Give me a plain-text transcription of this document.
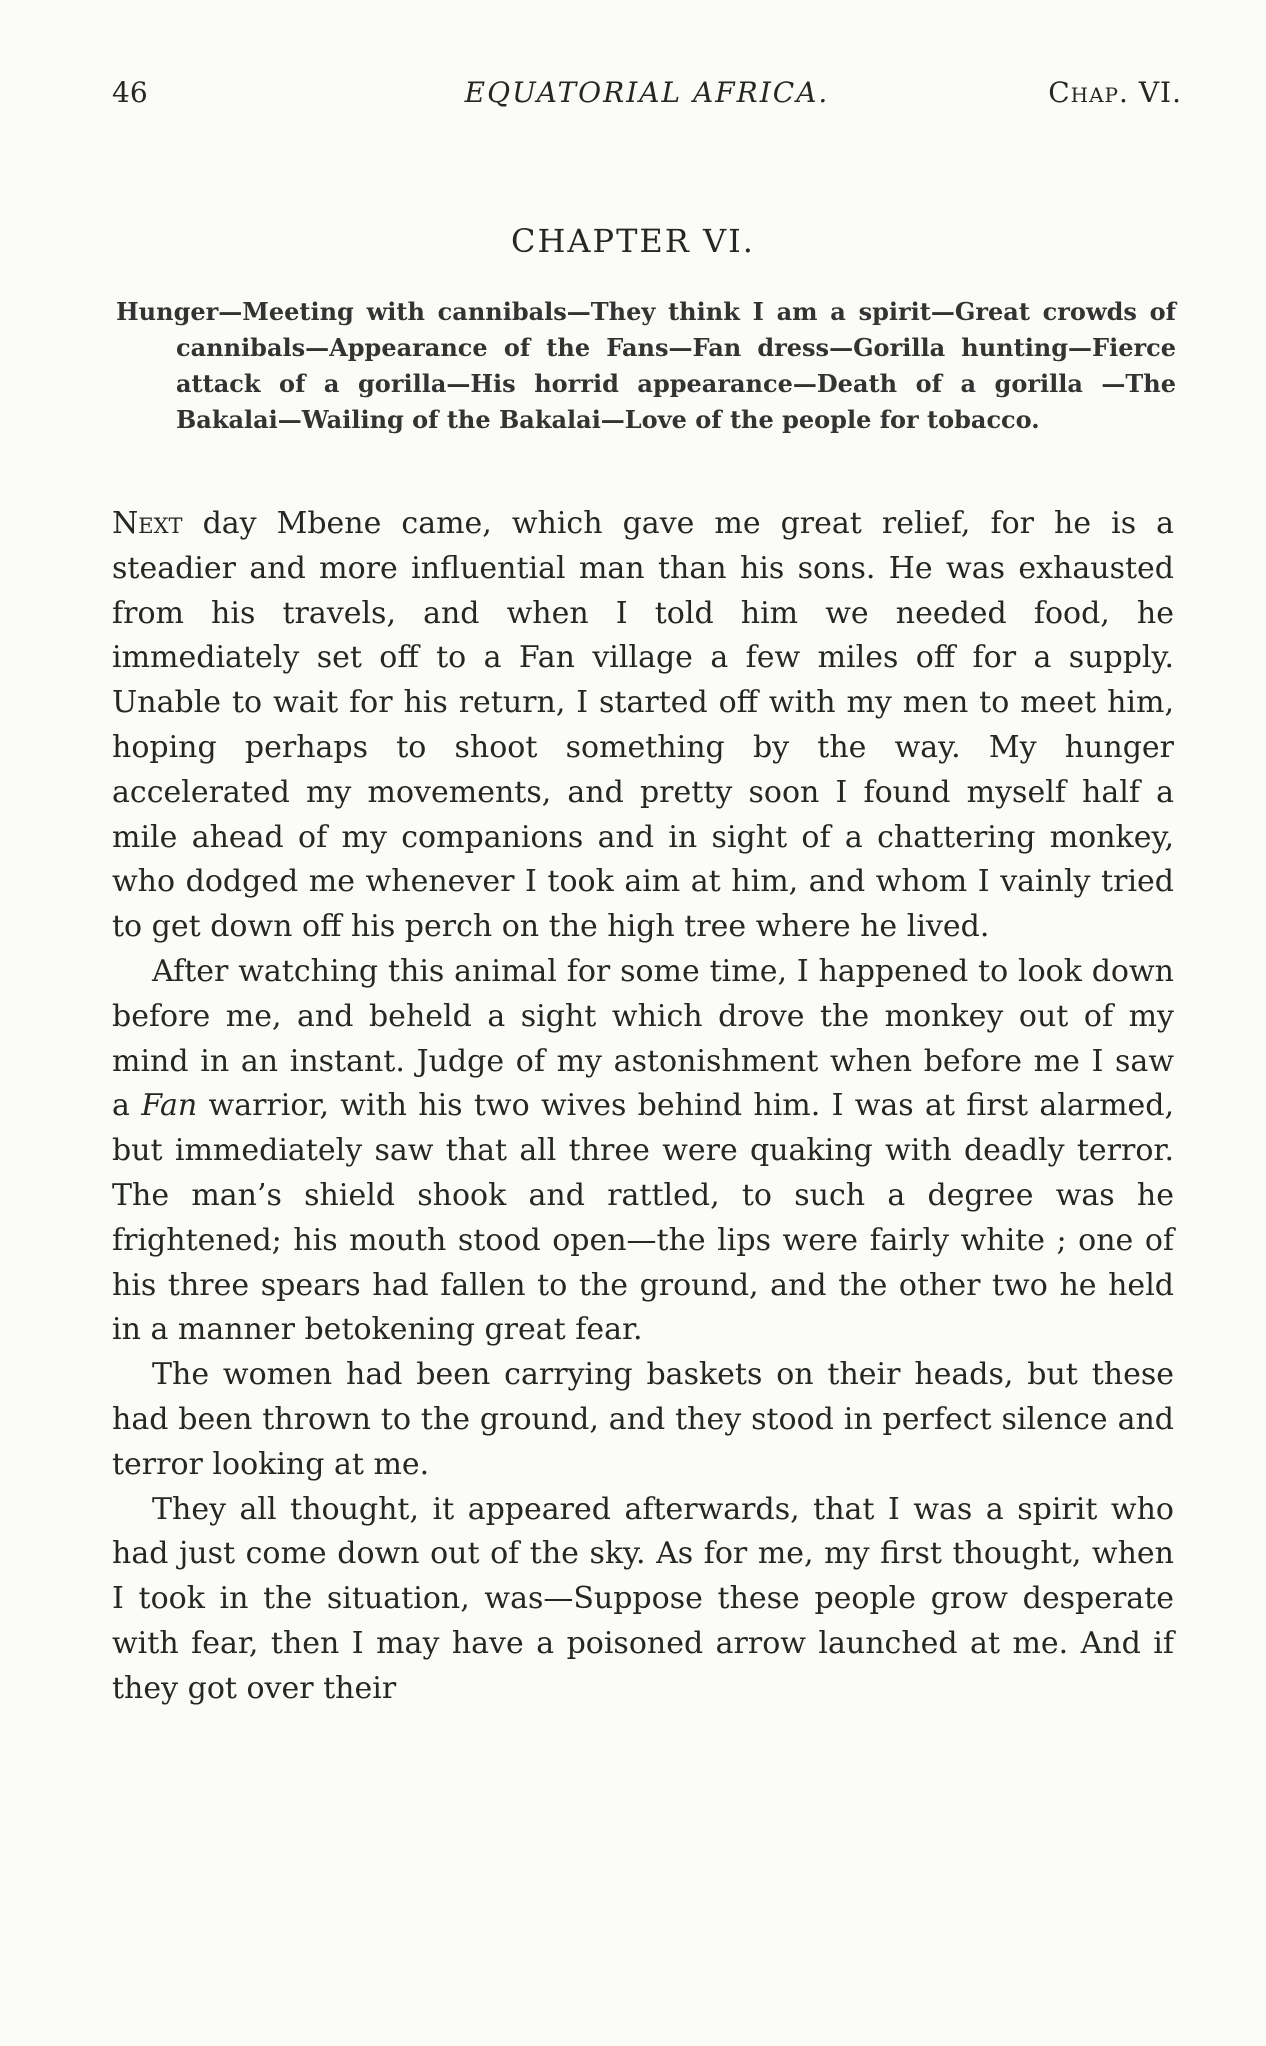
46	EQUATORIAL AFRICA.	Chap. VI.
CHAPTER VI.
Hunger—Meeting with cannibals—They think I am a spirit—Great crowds of cannibals—Appearance of the Fans—Fan dress—Gorilla hunting—Fierce attack of a gorilla—His horrid appearance—Death of a gorilla —The Bakalai—Wailing of the Bakalai—Love of the people for tobacco.

Next day Mbene came, which gave me great relief, for he is a steadier and more influential man than his sons. He was exhausted from his travels, and when I told him we needed food, he immediately set off to a Fan village a few miles off for a supply. Unable to wait for his return, I started off with my men to meet him, hoping perhaps to shoot something by the way. My hunger accelerated my movements, and pretty soon I found myself half a mile ahead of my companions and in sight of a chattering monkey, who dodged me whenever I took aim at him, and whom I vainly tried to get down off his perch on the high tree where he lived.

After watching this animal for some time, I happened to look down before me, and beheld a sight which drove the monkey out of my mind in an instant. Judge of my astonishment when before me I saw a Fan warrior, with his two wives behind him. I was at first alarmed, but immediately saw that all three were quaking with deadly terror. The man’s shield shook and rattled, to such a degree was he frightened; his mouth stood open—the lips were fairly white ; one of his three spears had fallen to the ground, and the other two he held in a manner betokening great fear.

The women had been carrying baskets on their heads, but these had been thrown to the ground, and they stood in perfect silence and terror looking at me.

They all thought, it appeared afterwards, that I was a spirit who had just come down out of the sky. As for me, my first thought, when I took in the situation, was—Suppose these people grow desperate with fear, then I may have a poisoned arrow launched at me. And if they got over their
